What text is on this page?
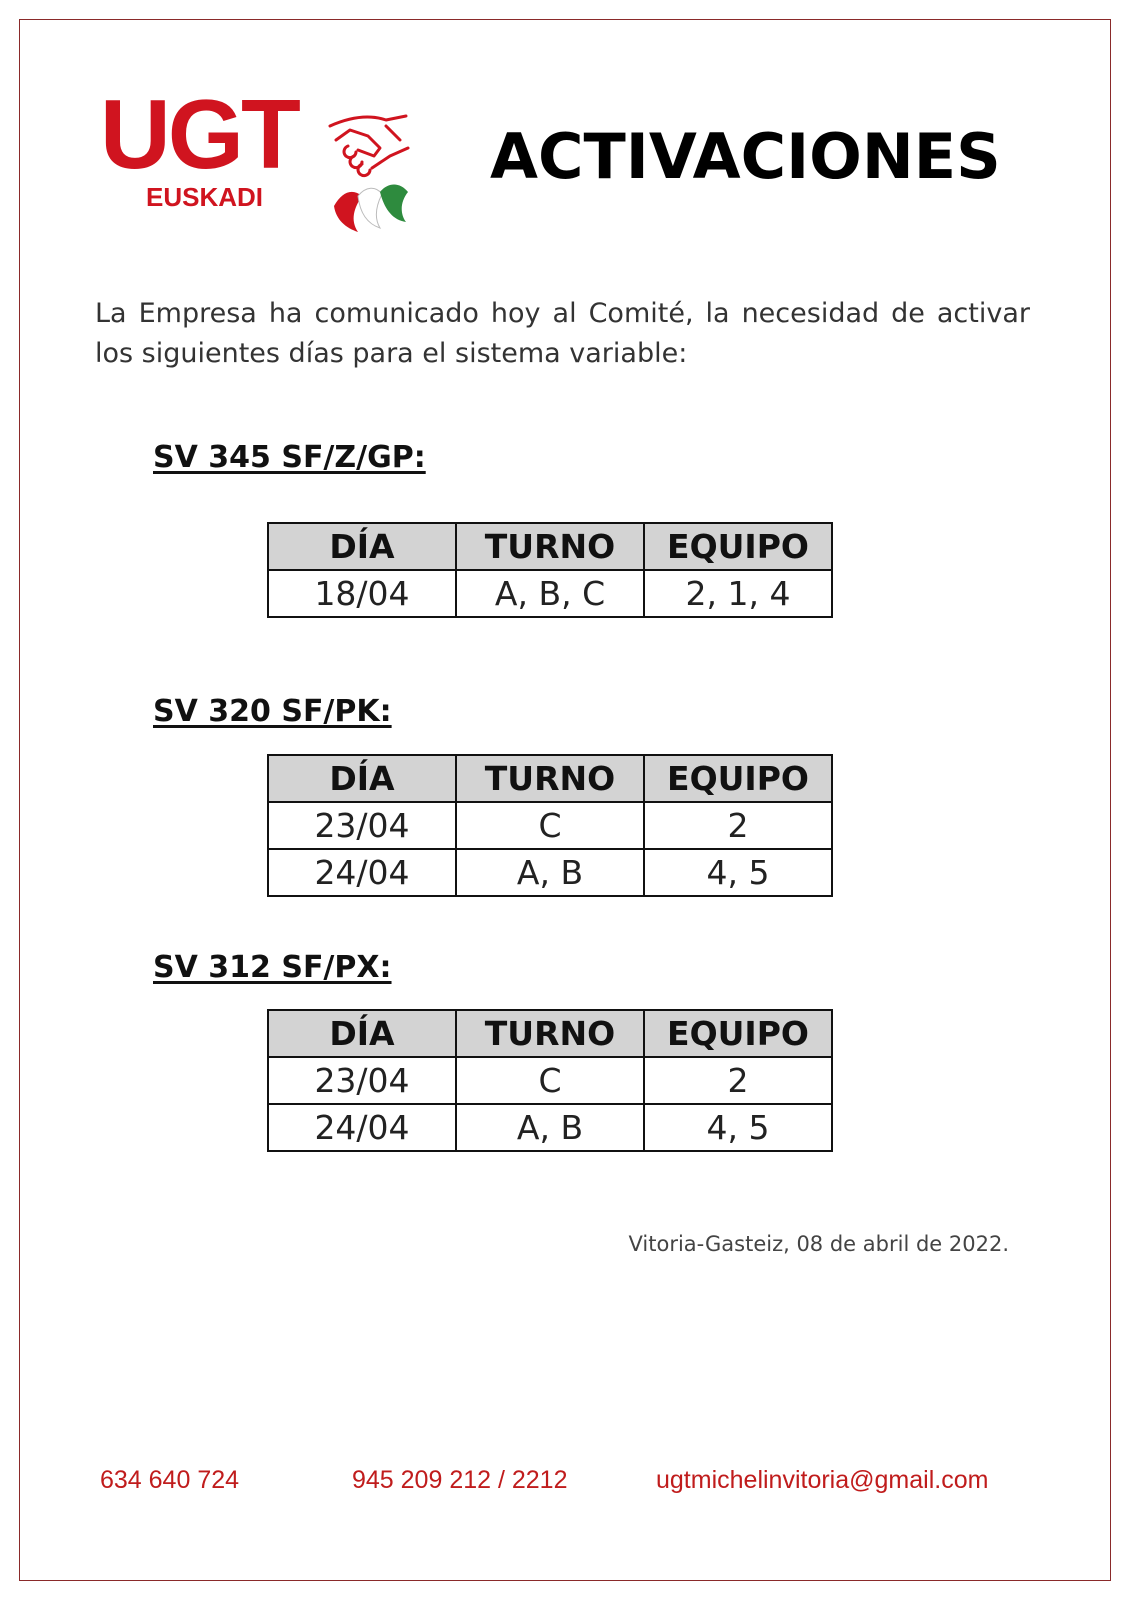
UGT
EUSKADI
ACTIVACIONES
La Empresa ha comunicado hoy al Comité, la necesidad de activar los siguientes días para el sistema variable:
SV 345 SF/Z/GP:
DÍA	TURNO	EQUIPO
18/04	A, B, C	2, 1, 4
SV 320 SF/PK:
DÍA	TURNO	EQUIPO
23/04	C	2
24/04	A, B	4, 5
SV 312 SF/PX:
DÍA	TURNO	EQUIPO
23/04	C	2
24/04	A, B	4, 5
Vitoria-Gasteiz, 08 de abril de 2022.
634 640 724	945 209 212 / 2212	ugtmichelinvitoria@gmail.com
